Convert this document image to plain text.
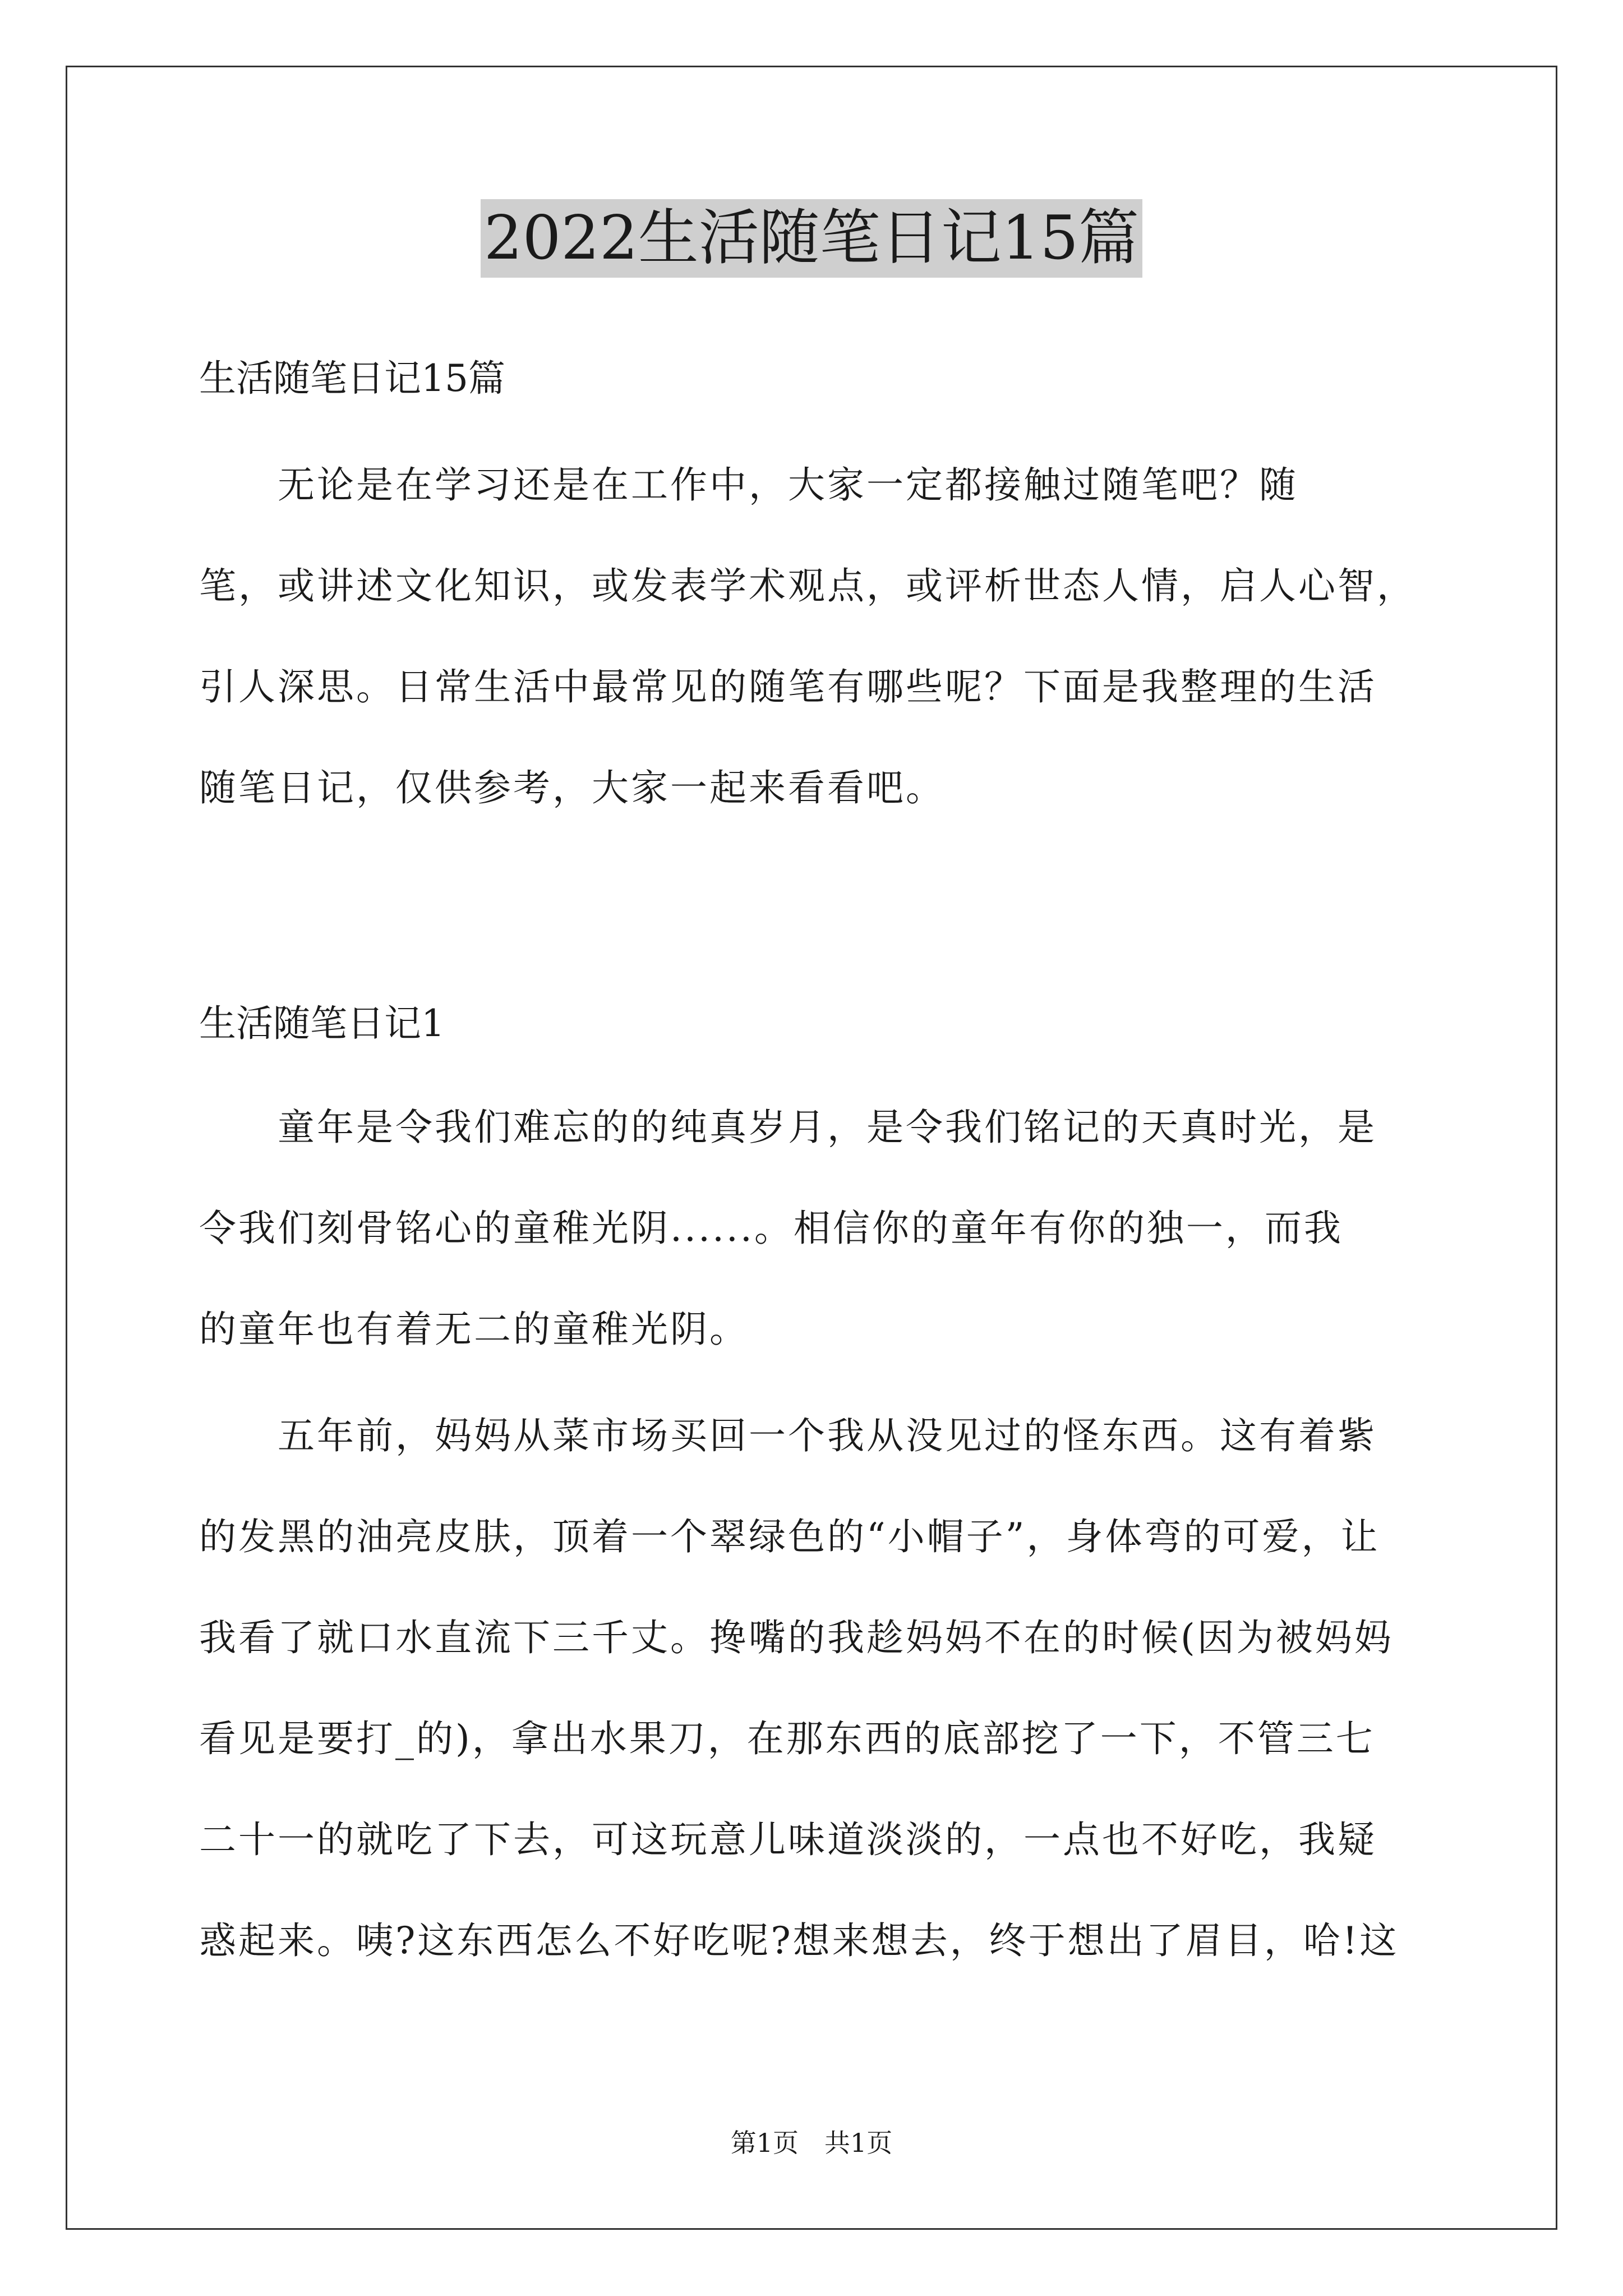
2022生活随笔日记15篇
生活随笔日记15篇
　　无论是在学习还是在工作中，大家一定都接触过随笔吧？随
笔，或讲述文化知识，或发表学术观点，或评析世态人情，启人心智，
引人深思。日常生活中最常见的随笔有哪些呢？下面是我整理的生活
随笔日记，仅供参考，大家一起来看看吧。
生活随笔日记1
　　童年是令我们难忘的的纯真岁月，是令我们铭记的天真时光，是
令我们刻骨铭心的童稚光阴......。相信你的童年有你的独一，而我
的童年也有着无二的童稚光阴。
　　五年前，妈妈从菜市场买回一个我从没见过的怪东西。这有着紫
的发黑的油亮皮肤，顶着一个翠绿色的“小帽子”，身体弯的可爱，让
我看了就口水直流下三千丈。搀嘴的我趁妈妈不在的时候(因为被妈妈
看见是要打_的)，拿出水果刀，在那东西的底部挖了一下，不管三七
二十一的就吃了下去，可这玩意儿味道淡淡的，一点也不好吃，我疑
惑起来。咦?这东西怎么不好吃呢?想来想去，终于想出了眉目，哈!这
第1页　共1页
